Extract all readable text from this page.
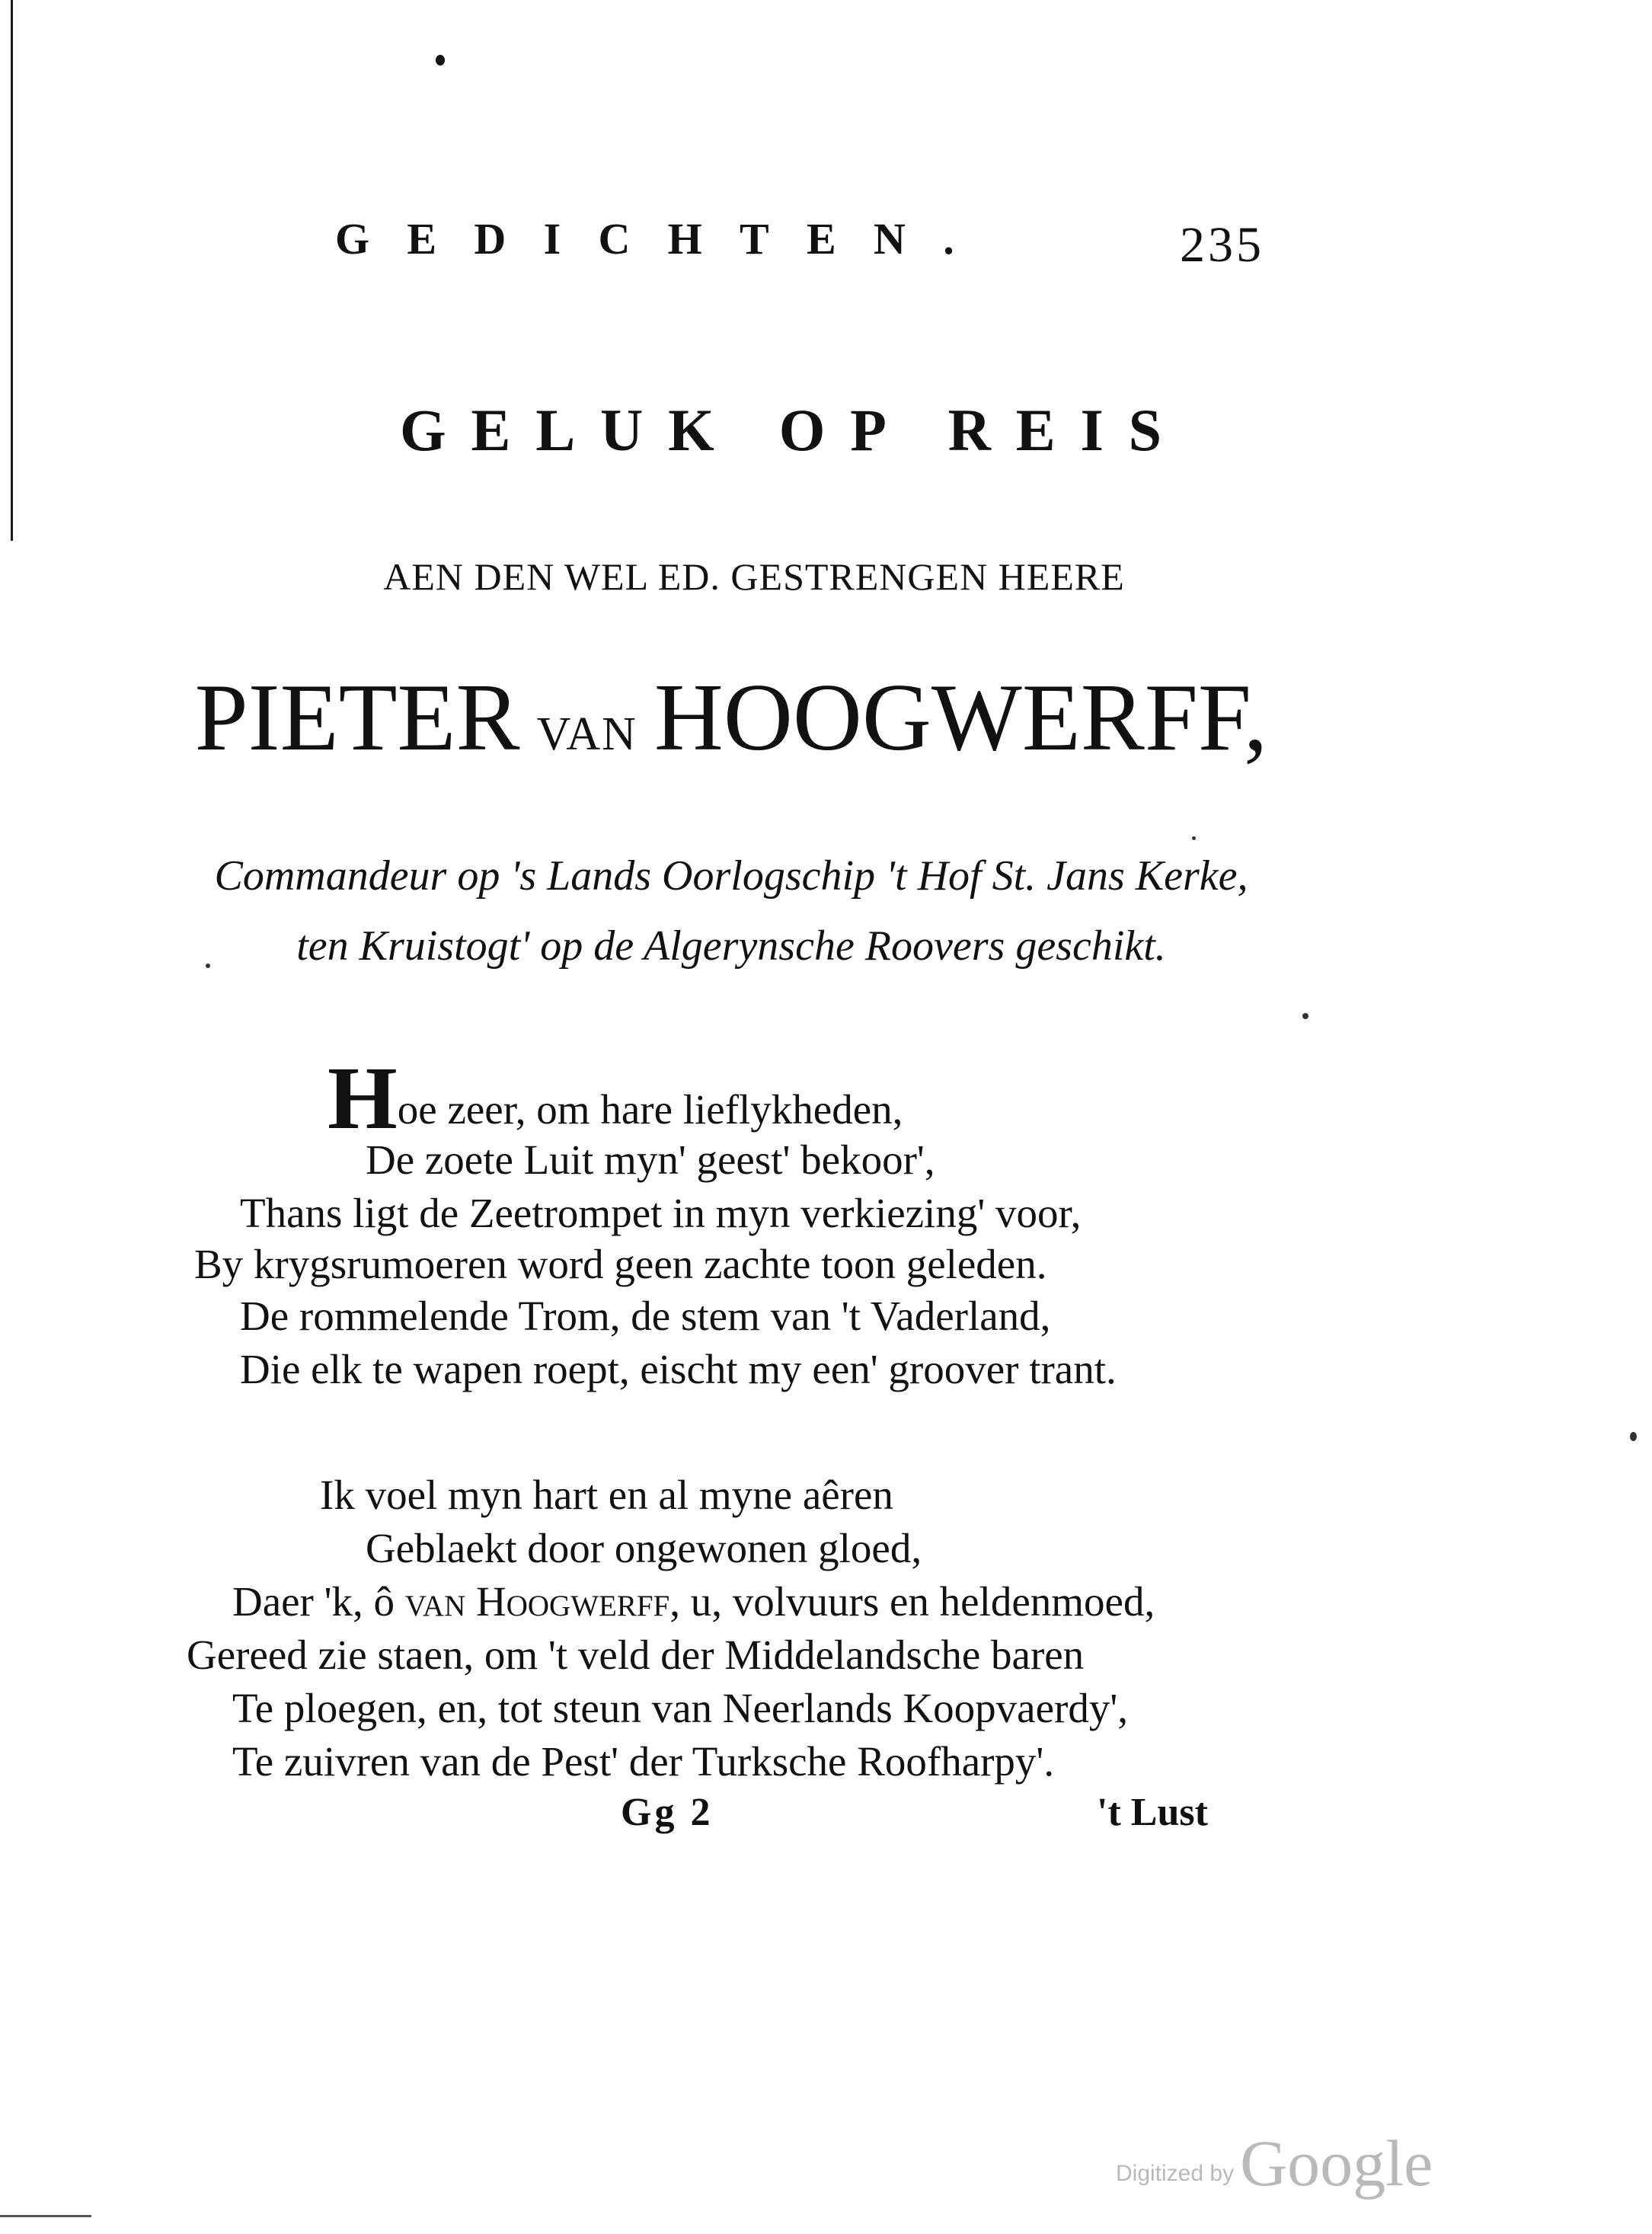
GEDICHTEN.	235
GELUK OP REIS
AEN DEN WEL ED. GESTRENGEN HEERE
PIETER VAN HOOGWERFF,
Commandeur op 's Lands Oorlogschip 't Hof St. Jans Kerke,
ten Kruistogt' op de Algerynsche Roovers geschikt.
Hoe zeer, om hare lieflykheden,
De zoete Luit myn' geest' bekoor',
Thans ligt de Zeetrompet in myn verkiezing' voor,
By krygsrumoeren word geen zachte toon geleden.
De rommelende Trom, de stem van 't Vaderland,
Die elk te wapen roept, eischt my een' groover trant.
Ik voel myn hart en al myne aêren
Geblaekt door ongewonen gloed,
Daer 'k, ô van Hoogwerff, u, volvuurs en heldenmoed,
Gereed zie staen, om 't veld der Middelandsche baren
Te ploegen, en, tot steun van Neerlands Koopvaerdy',
Te zuivren van de Pest' der Turksche Roofharpy'.
Gg 2	't Lust
Digitized byGoogle
